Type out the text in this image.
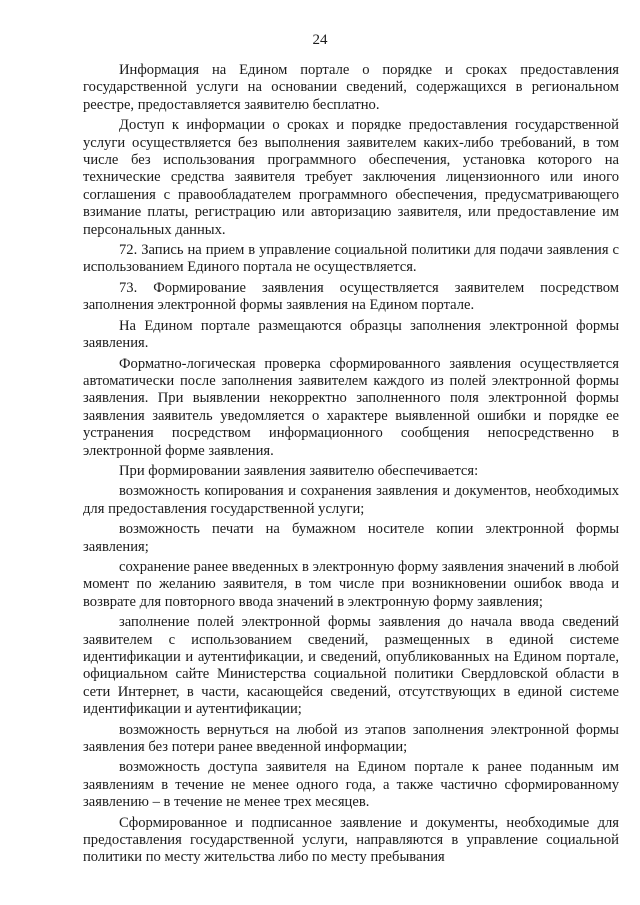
24

Информация на Едином портале о порядке и сроках предоставления государственной услуги на основании сведений, содержащихся в региональном реестре, предоставляется заявителю бесплатно.

Доступ к информации о сроках и порядке предоставления государственной услуги осуществляется без выполнения заявителем каких-либо требований, в том числе без использования программного обеспечения, установка которого на технические средства заявителя требует заключения лицензионного или иного соглашения с правообладателем программного обеспечения, предусматривающего взимание платы, регистрацию или авторизацию заявителя, или предоставление им персональных данных.

72. Запись на прием в управление социальной политики для подачи заявления с использованием Единого портала не осуществляется.

73. Формирование заявления осуществляется заявителем посредством заполнения электронной формы заявления на Едином портале.

На Едином портале размещаются образцы заполнения электронной формы заявления.

Форматно-логическая проверка сформированного заявления осуществляется автоматически после заполнения заявителем каждого из полей электронной формы заявления. При выявлении некорректно заполненного поля электронной формы заявления заявитель уведомляется о характере выявленной ошибки и порядке ее устранения посредством информационного сообщения непосредственно в электронной форме заявления.

При формировании заявления заявителю обеспечивается:

возможность копирования и сохранения заявления и документов, необходимых для предоставления государственной услуги;

возможность печати на бумажном носителе копии электронной формы заявления;

сохранение ранее введенных в электронную форму заявления значений в любой момент по желанию заявителя, в том числе при возникновении ошибок ввода и возврате для повторного ввода значений в электронную форму заявления;

заполнение полей электронной формы заявления до начала ввода сведений заявителем с использованием сведений, размещенных в единой системе идентификации и аутентификации, и сведений, опубликованных на Едином портале, официальном сайте Министерства социальной политики Свердловской области в сети Интернет, в части, касающейся сведений, отсутствующих в единой системе идентификации и аутентификации;

возможность вернуться на любой из этапов заполнения электронной формы заявления без потери ранее введенной информации;

возможность доступа заявителя на Едином портале к ранее поданным им заявлениям в течение не менее одного года, а также частично сформированному заявлению – в течение не менее трех месяцев.

Сформированное и подписанное заявление и документы, необходимые для предоставления государственной услуги, направляются в управление социальной политики по месту жительства либо по месту пребывания
